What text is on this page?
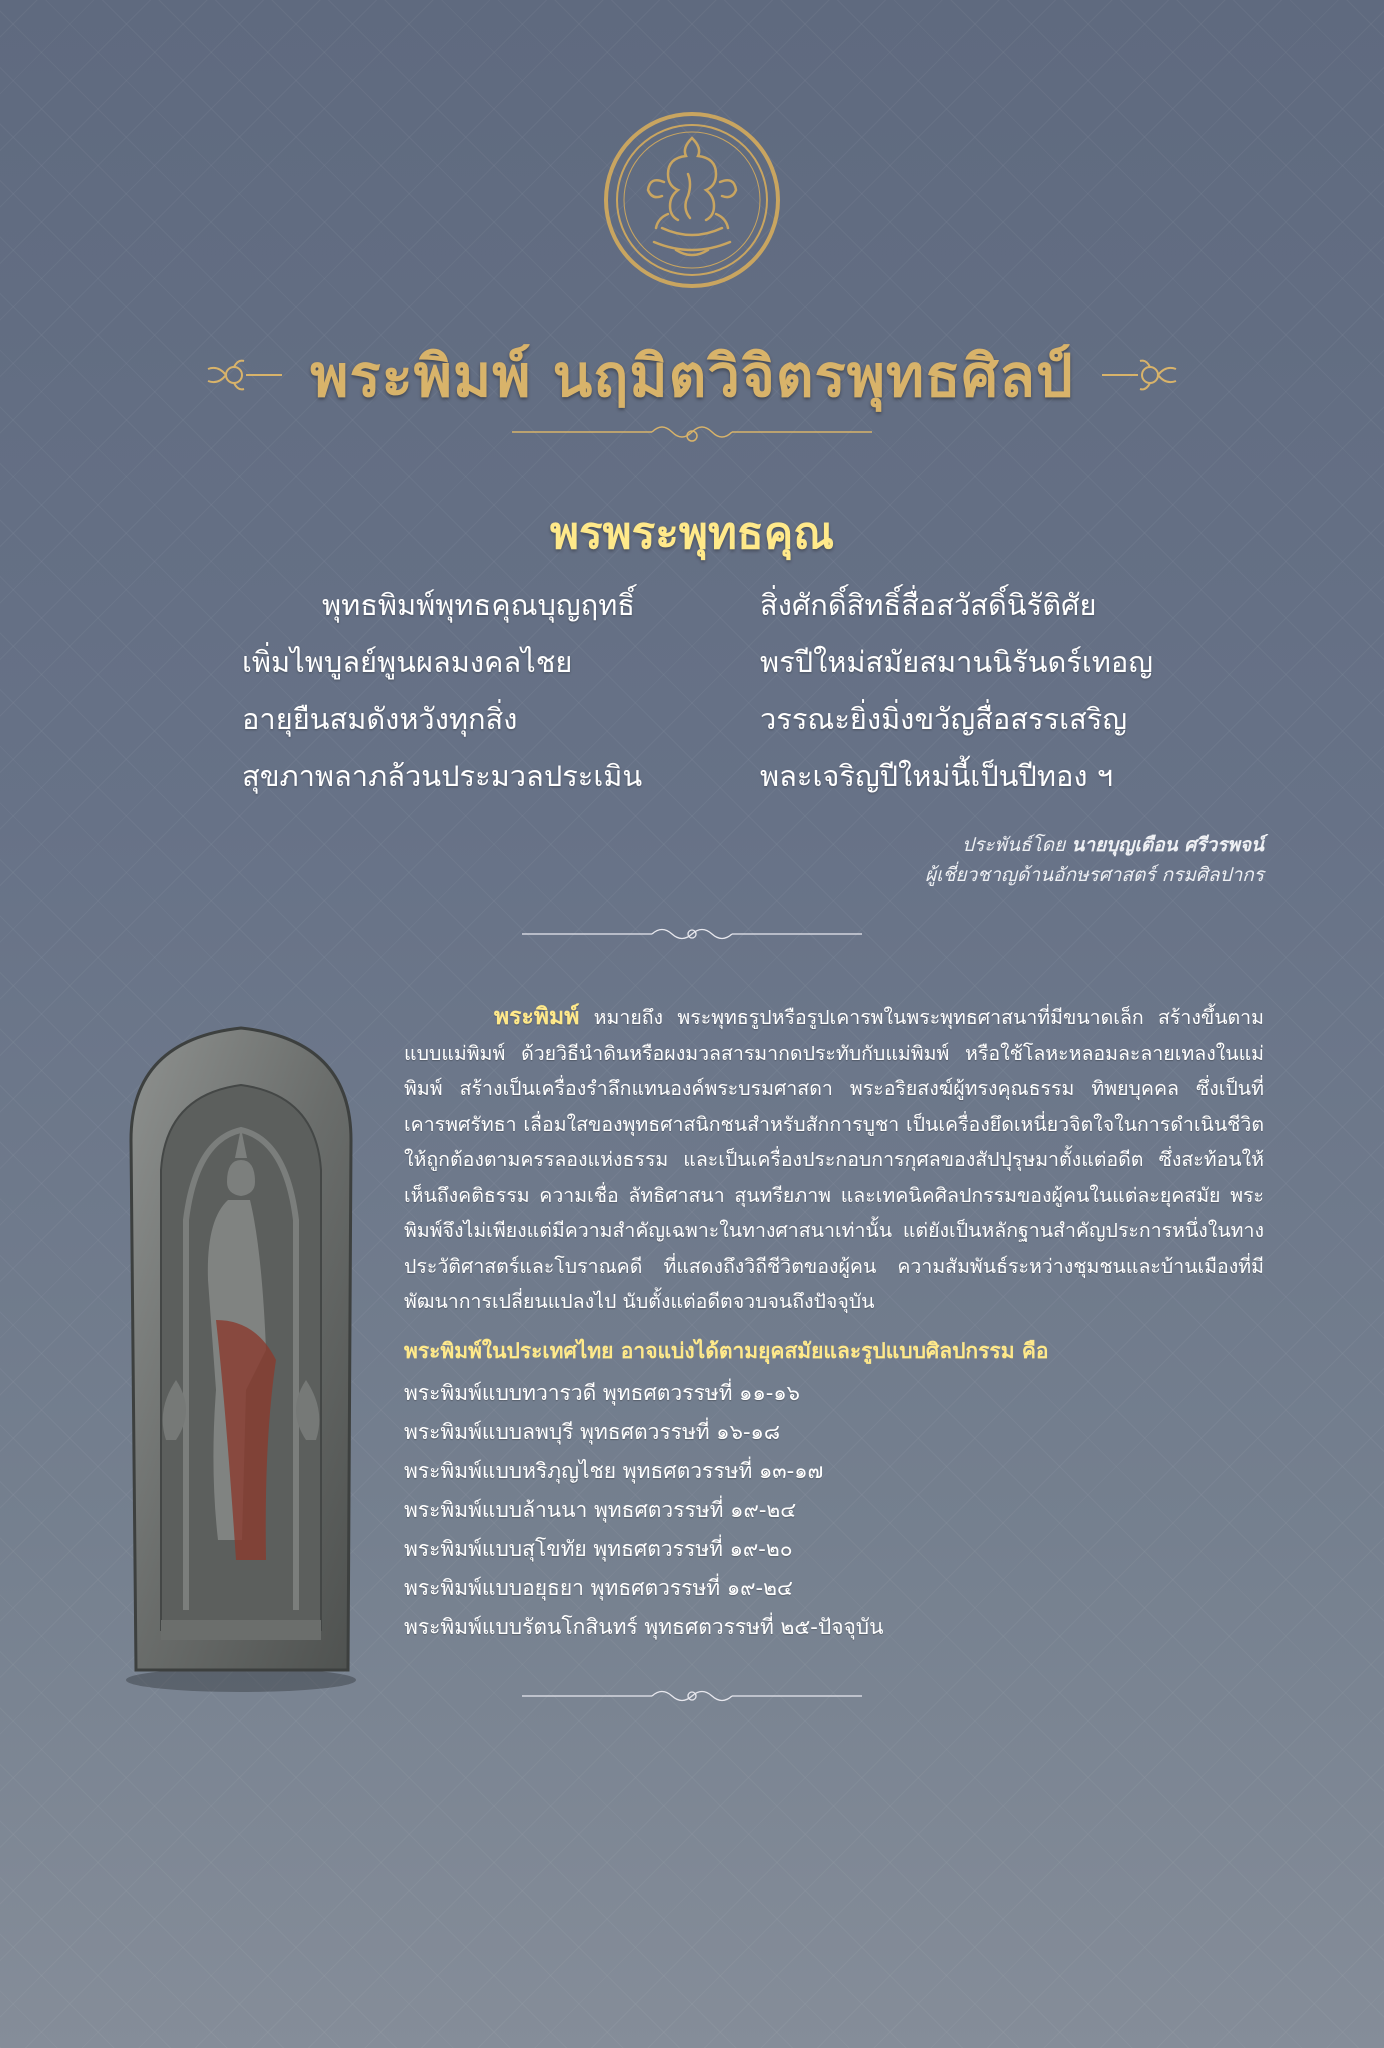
พระพิมพ์ นฤมิตวิจิตรพุทธศิลป์
พรพระพุทธคุณ
พุทธพิมพ์พุทธคุณบุญฤทธิ์
เพิ่มไพบูลย์พูนผลมงคลไชย
อายุยืนสมดังหวังทุกสิ่ง
สุขภาพลาภล้วนประมวลประเมิน
สิ่งศักดิ์สิทธิ์สื่อสวัสดิ์นิรัติศัย
พรปีใหม่สมัยสมานนิรันดร์เทอญ
วรรณะยิ่งมิ่งขวัญสื่อสรรเสริญ
พละเจริญปีใหม่นี้เป็นปีทอง ฯ
ประพันธ์โดย นายบุญเตือน ศรีวรพจน์
ผู้เชี่ยวชาญด้านอักษรศาสตร์ กรมศิลปากร
พระพิมพ์ หมายถึง พระพุทธรูปหรือรูปเคารพในพระพุทธศาสนาที่มีขนาดเล็ก สร้างขึ้นตามแบบแม่พิมพ์ ด้วยวิธีนำดินหรือผงมวลสารมากดประทับกับแม่พิมพ์ หรือใช้โลหะหลอมละลายเทลงในแม่พิมพ์ สร้างเป็นเครื่องรำลึกแทนองค์พระบรมศาสดา พระอริยสงฆ์ผู้ทรงคุณธรรม ทิพยบุคคล ซึ่งเป็นที่เคารพศรัทธา เลื่อมใสของพุทธศาสนิกชนสำหรับสักการบูชา เป็นเครื่องยึดเหนี่ยวจิตใจในการดำเนินชีวิตให้ถูกต้องตามครรลองแห่งธรรม และเป็นเครื่องประกอบการกุศลของสัปปุรุษมาตั้งแต่อดีต ซึ่งสะท้อนให้เห็นถึงคติธรรม ความเชื่อ ลัทธิศาสนา สุนทรียภาพ และเทคนิคศิลปกรรมของผู้คนในแต่ละยุคสมัย พระพิมพ์จึงไม่เพียงแต่มีความสำคัญเฉพาะในทางศาสนาเท่านั้น แต่ยังเป็นหลักฐานสำคัญประการหนึ่งในทางประวัติศาสตร์และโบราณคดี ที่แสดงถึงวิถีชีวิตของผู้คน ความสัมพันธ์ระหว่างชุมชนและบ้านเมืองที่มีพัฒนาการเปลี่ยนแปลงไป นับตั้งแต่อดีตจวบจนถึงปัจจุบัน
พระพิมพ์ในประเทศไทย อาจแบ่งได้ตามยุคสมัยและรูปแบบศิลปกรรม คือ
พระพิมพ์แบบทวารวดี พุทธศตวรรษที่ ๑๑-๑๖
พระพิมพ์แบบลพบุรี พุทธศตวรรษที่ ๑๖-๑๘
พระพิมพ์แบบหริภุญไชย พุทธศตวรรษที่ ๑๓-๑๗
พระพิมพ์แบบล้านนา พุทธศตวรรษที่ ๑๙-๒๔
พระพิมพ์แบบสุโขทัย พุทธศตวรรษที่ ๑๙-๒๐
พระพิมพ์แบบอยุธยา พุทธศตวรรษที่ ๑๙-๒๔
พระพิมพ์แบบรัตนโกสินทร์ พุทธศตวรรษที่ ๒๕-ปัจจุบัน
